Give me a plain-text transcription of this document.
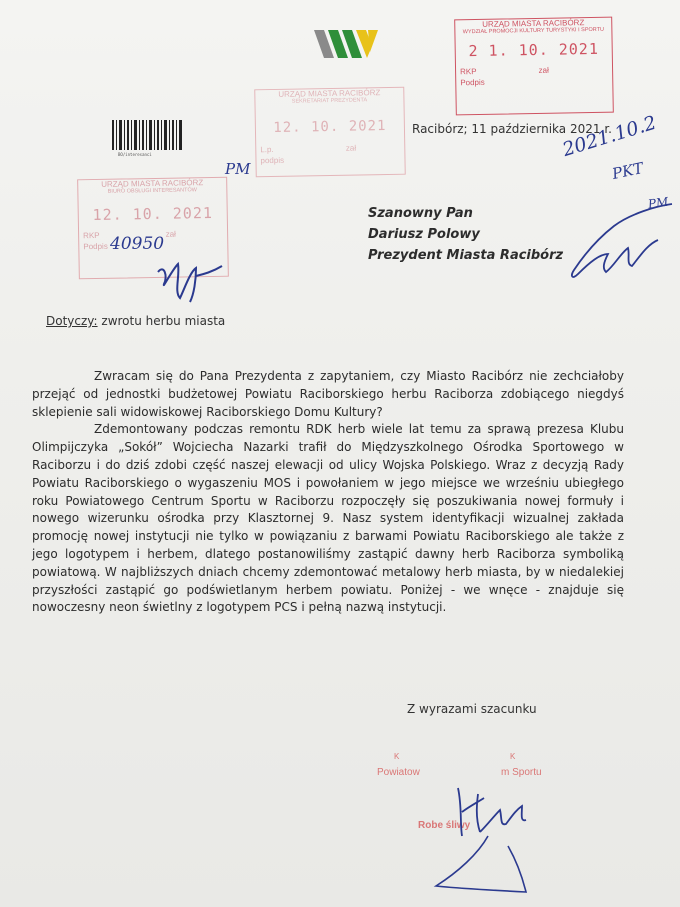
URZĄD MIASTA RACIBÓRZ
WYDZIAŁ PROMOCJI KULTURY TURYSTYKI I SPORTU
2 1. 10. 2021
RKP	zał
Podpis
URZĄD MIASTA RACIBÓRZ
SEKRETARIAT PREZYDENTA
12. 10. 2021
L.p.	zał
podpis
BO/interesanci
PM
URZĄD MIASTA RACIBÓRZ
BIURO OBSŁUGI INTERESANTÓW
12. 10. 2021
RKP	zał
Podpis 40950
Racibórz; 11 października 2021 r.
2021.10.2
PKT
PM
Szanowny Pan
Dariusz Polowy
Prezydent Miasta Racibórz
Dotyczy: zwrotu herbu miasta

Zwracam się do Pana Prezydenta z zapytaniem, czy Miasto Racibórz nie zechciałoby przejąć od jednostki budżetowej Powiatu Raciborskiego herbu Raciborza zdobiącego niegdyś sklepienie sali widowiskowej Raciborskiego Domu Kultury?

Zdemontowany podczas remontu RDK herb wiele lat temu za sprawą prezesa Klubu Olimpijczyka „Sokół” Wojciecha Nazarki trafił do Międzyszkolnego Ośrodka Sportowego w Raciborzu i do dziś zdobi część naszej elewacji od ulicy Wojska Polskiego. Wraz z decyzją Rady Powiatu Raciborskiego o wygaszeniu MOS i powołaniem w jego miejsce we wrześniu ubiegłego roku Powiatowego Centrum Sportu w Raciborzu rozpoczęły się poszukiwania nowej formuły i nowego wizerunku ośrodka przy Klasztornej 9. Nasz system identyfikacji wizualnej zakłada promocję nowej instytucji nie tylko w powiązaniu z barwami Powiatu Raciborskiego ale także z jego logotypem i herbem, dlatego postanowiliśmy zastąpić dawny herb Raciborza symboliką powiatową. W najbliższych dniach chcemy zdemontować metalowy herb miasta, by w niedalekiej przyszłości zastąpić go podświetlanym herbem powiatu. Poniżej - we wnęce - znajduje się nowoczesny neon świetlny z logotypem PCS i pełną nazwą instytucji.

Z wyrazami szacunku
K	K
Powiatow	m Sportu
Robe śliwy
